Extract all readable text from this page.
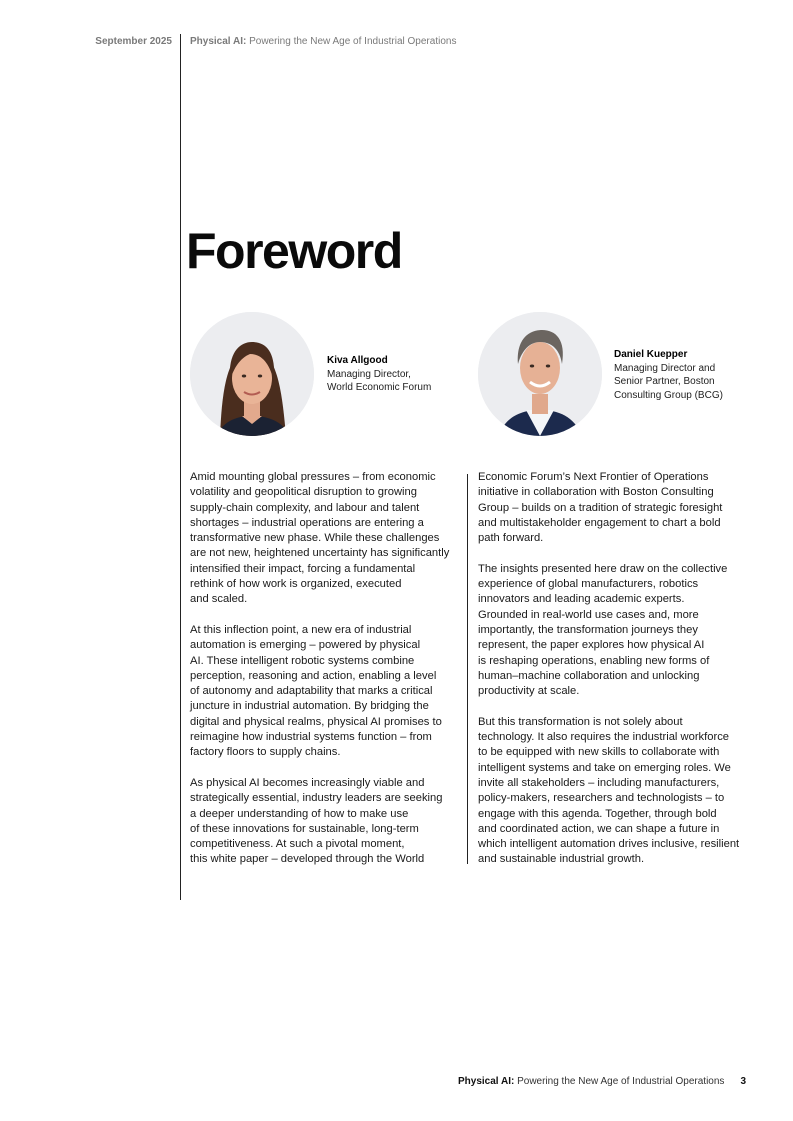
September 2025 Physical AI: Powering the New Age of Industrial Operations
Foreword
Kiva Allgood
Managing Director,
World Economic Forum
Daniel Kuepper
Managing Director and
Senior Partner, Boston
Consulting Group (BCG)

Amid mounting global pressures – from economic
volatility and geopolitical disruption to growing
supply-chain complexity, and labour and talent
shortages – industrial operations are entering a
transformative new phase. While these challenges
are not new, heightened uncertainty has significantly
intensified their impact, forcing a fundamental
rethink of how work is organized, executed
and scaled.

At this inflection point, a new era of industrial
automation is emerging – powered by physical
AI. These intelligent robotic systems combine
perception, reasoning and action, enabling a level
of autonomy and adaptability that marks a critical
juncture in industrial automation. By bridging the
digital and physical realms, physical AI promises to
reimagine how industrial systems function – from
factory floors to supply chains.

As physical AI becomes increasingly viable and
strategically essential, industry leaders are seeking
a deeper understanding of how to make use
of these innovations for sustainable, long-term
competitiveness. At such a pivotal moment,
this white paper – developed through the World

Economic Forum’s Next Frontier of Operations
initiative in collaboration with Boston Consulting
Group – builds on a tradition of strategic foresight
and multistakeholder engagement to chart a bold
path forward.

The insights presented here draw on the collective
experience of global manufacturers, robotics
innovators and leading academic experts.
Grounded in real-world use cases and, more
importantly, the transformation journeys they
represent, the paper explores how physical AI
is reshaping operations, enabling new forms of
human–machine collaboration and unlocking
productivity at scale.

But this transformation is not solely about
technology. It also requires the industrial workforce
to be equipped with new skills to collaborate with
intelligent systems and take on emerging roles. We
invite all stakeholders – including manufacturers,
policy-makers, researchers and technologists – to
engage with this agenda. Together, through bold
and coordinated action, we can shape a future in
which intelligent automation drives inclusive, resilient
and sustainable industrial growth.

Physical AI: Powering the New Age of Industrial Operations 3
